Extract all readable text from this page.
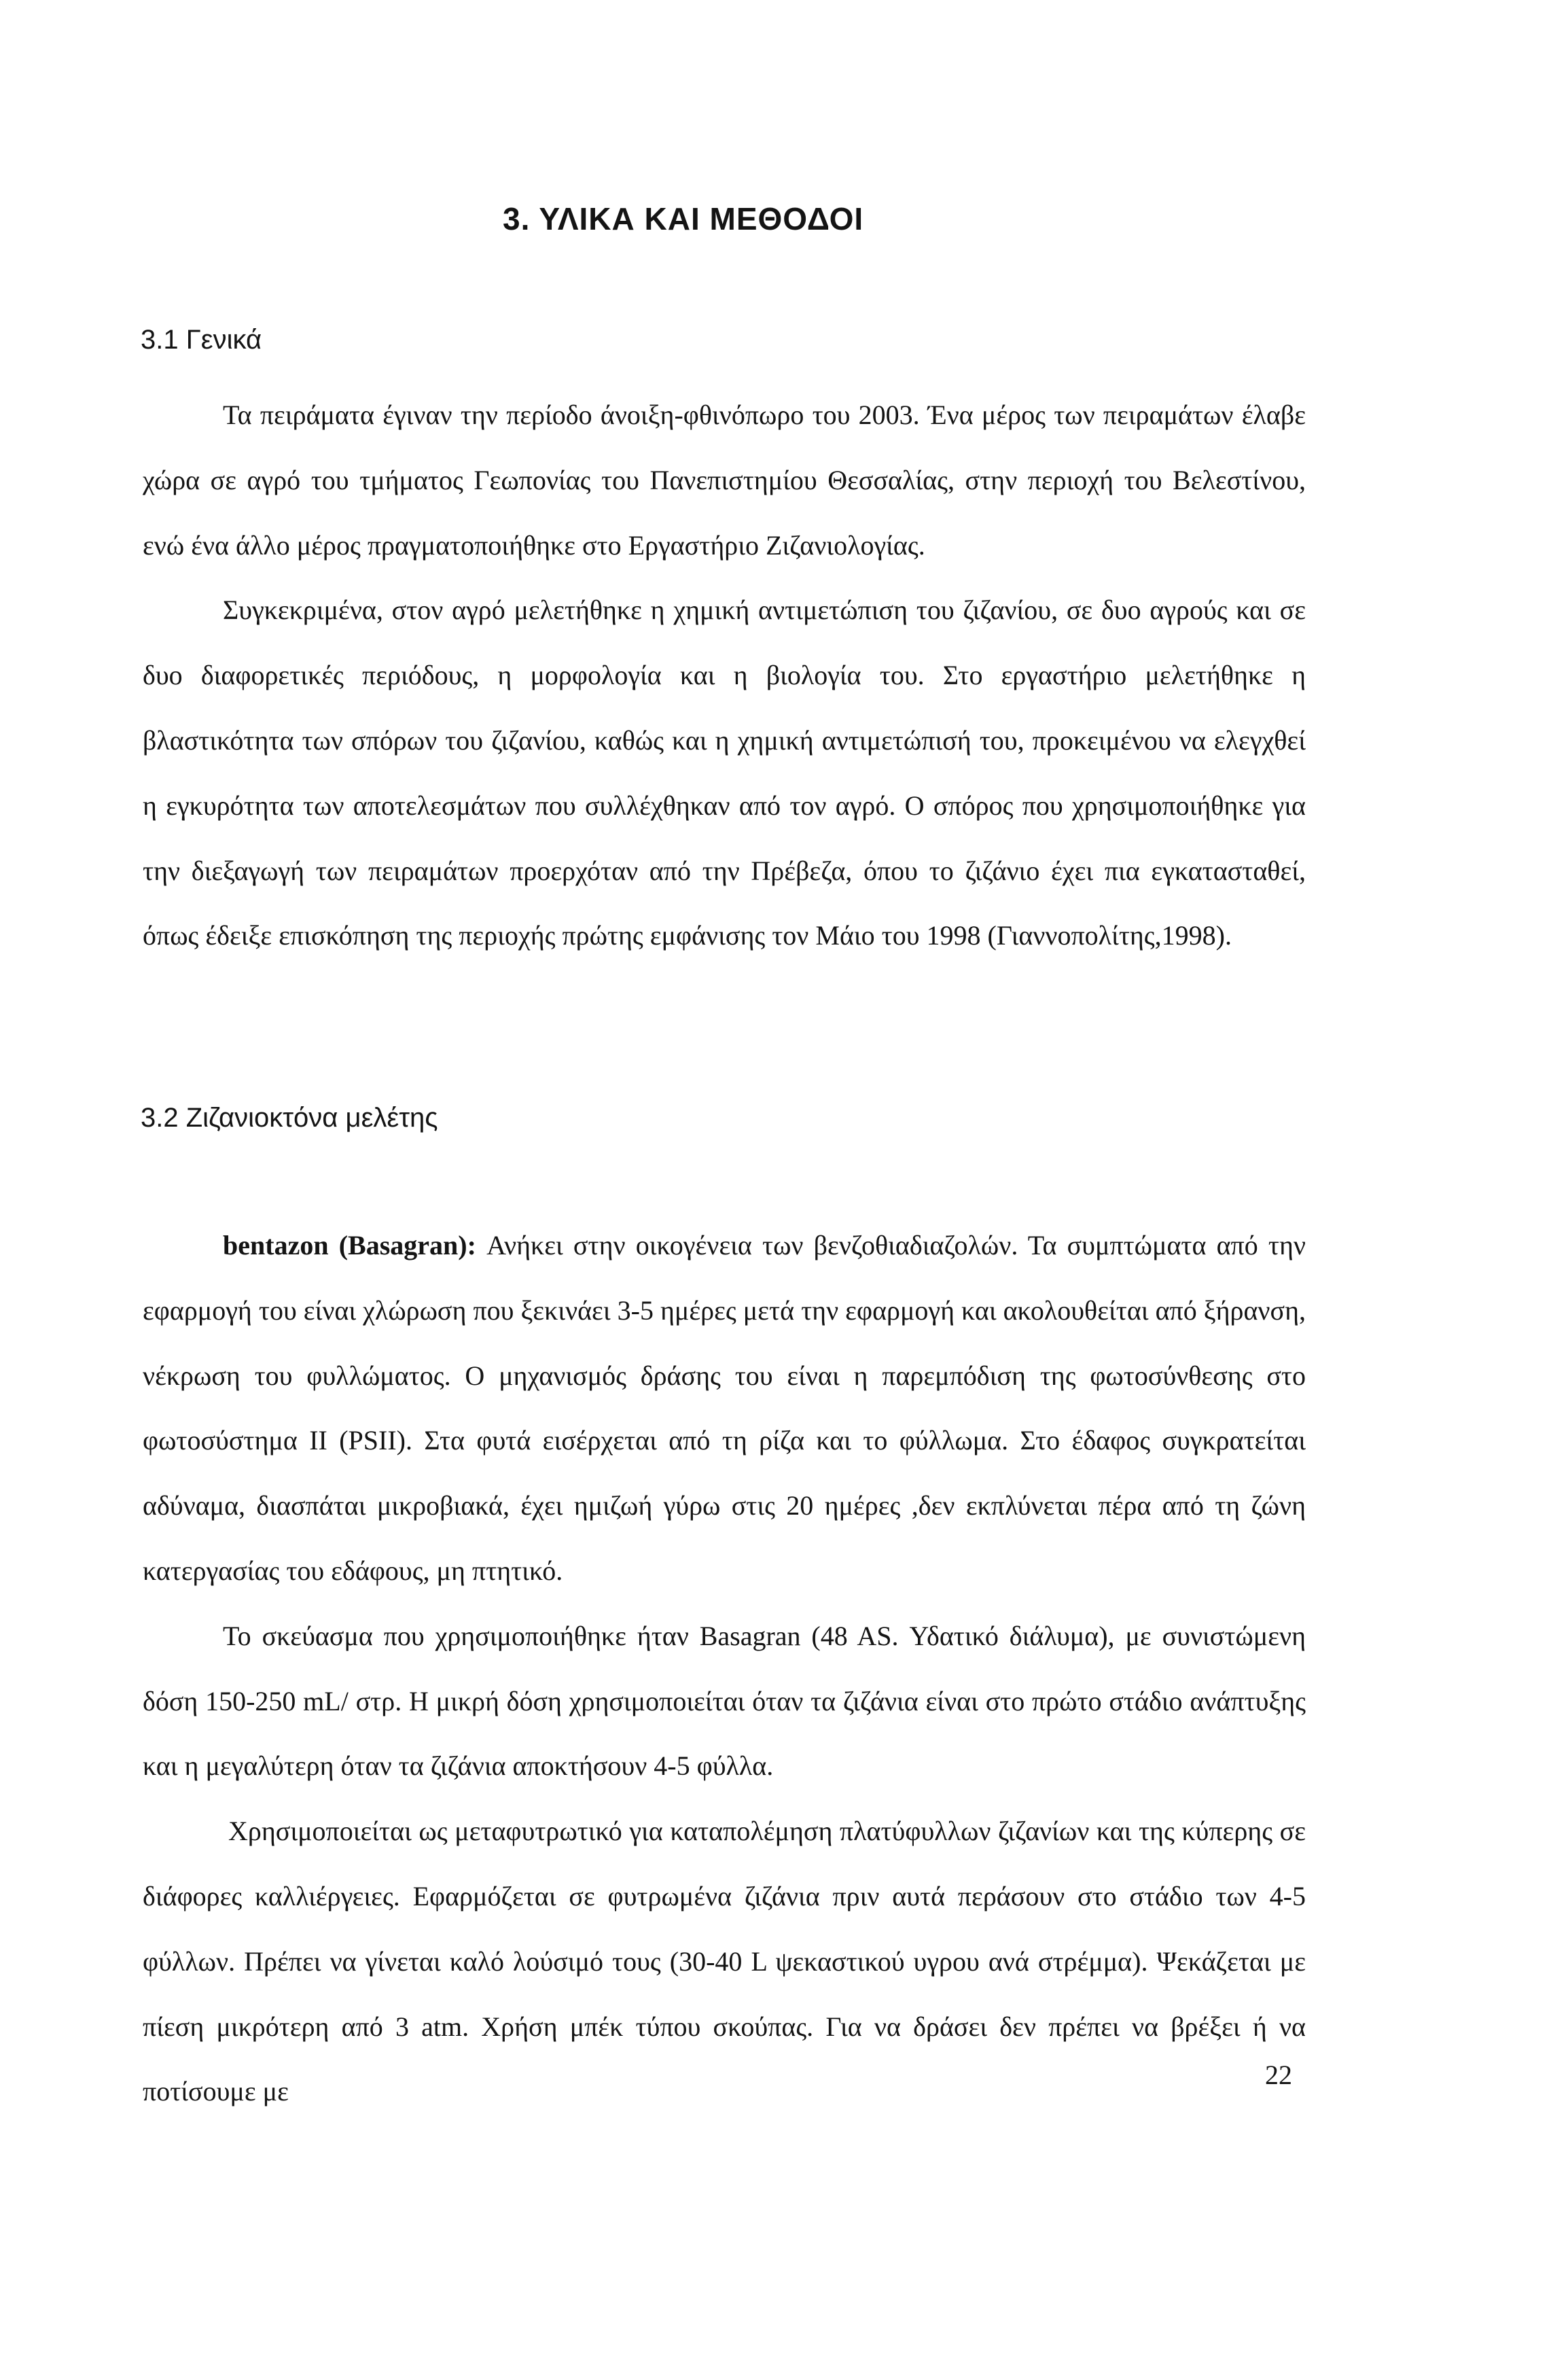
3. ΥΛΙΚΑ ΚΑΙ ΜΕΘΟΔΟΙ
3.1 Γενικά

Τα πειράματα έγιναν την περίοδο άνοιξη-φθινόπωρο του 2003. Ένα μέρος των πειραμάτων έλαβε χώρα σε αγρό του τμήματος Γεωπονίας του Πανεπιστημίου Θεσσαλίας, στην περιοχή του Βελεστίνου, ενώ ένα άλλο μέρος πραγματοποιήθηκε στο Εργαστήριο Ζιζανιολογίας.

Συγκεκριμένα, στον αγρό μελετήθηκε η χημική αντιμετώπιση του ζιζανίου, σε δυο αγρούς και σε δυο διαφορετικές περιόδους, η μορφολογία και η βιολογία του. Στο εργαστήριο μελετήθηκε η βλαστικότητα των σπόρων του ζιζανίου, καθώς και η χημική αντιμετώπισή του, προκειμένου να ελεγχθεί η εγκυρότητα των αποτελεσμάτων που συλλέχθηκαν από τον αγρό. Ο σπόρος που χρησιμοποιήθηκε για την διεξαγωγή των πειραμάτων προερχόταν από την Πρέβεζα, όπου το ζιζάνιο έχει πια εγκατασταθεί, όπως έδειξε επισκόπηση της περιοχής πρώτης εμφάνισης τον Μάιο του 1998 (Γιαννοπολίτης,1998).

3.2 Ζιζανιοκτόνα μελέτης

bentazon (Basagran): Ανήκει στην οικογένεια των βενζοθιαδιαζολών. Τα συμπτώματα από την εφαρμογή του είναι χλώρωση που ξεκινάει 3-5 ημέρες μετά την εφαρμογή και ακολουθείται από ξήρανση, νέκρωση του φυλλώματος. Ο μηχανισμός δράσης του είναι η παρεμπόδιση της φωτοσύνθεσης στο φωτοσύστημα II (PSII). Στα φυτά εισέρχεται από τη ρίζα και το φύλλωμα. Στο έδαφος συγκρατείται αδύναμα, διασπάται μικροβιακά, έχει ημιζωή γύρω στις 20 ημέρες ,δεν εκπλύνεται πέρα από τη ζώνη κατεργασίας του εδάφους, μη πτητικό.

Το σκεύασμα που χρησιμοποιήθηκε ήταν Basagran (48 AS. Υδατικό διάλυμα), με συνιστώμενη δόση 150-250 mL/ στρ. Η μικρή δόση χρησιμοποιείται όταν τα ζιζάνια είναι στο πρώτο στάδιο ανάπτυξης και η μεγαλύτερη όταν τα ζιζάνια αποκτήσουν 4-5 φύλλα.

Χρησιμοποιείται ως μεταφυτρωτικό για καταπολέμηση πλατύφυλλων ζιζανίων και της κύπερης σε διάφορες καλλιέργειες. Εφαρμόζεται σε φυτρωμένα ζιζάνια πριν αυτά περάσουν στο στάδιο των 4-5 φύλλων. Πρέπει να γίνεται καλό λούσιμό τους (30-40 L ψεκαστικού υγρου ανά στρέμμα). Ψεκάζεται με πίεση μικρότερη από 3 atm. Χρήση μπέκ τύπου σκούπας. Για να δράσει δεν πρέπει να βρέξει ή να ποτίσουμε με

22
